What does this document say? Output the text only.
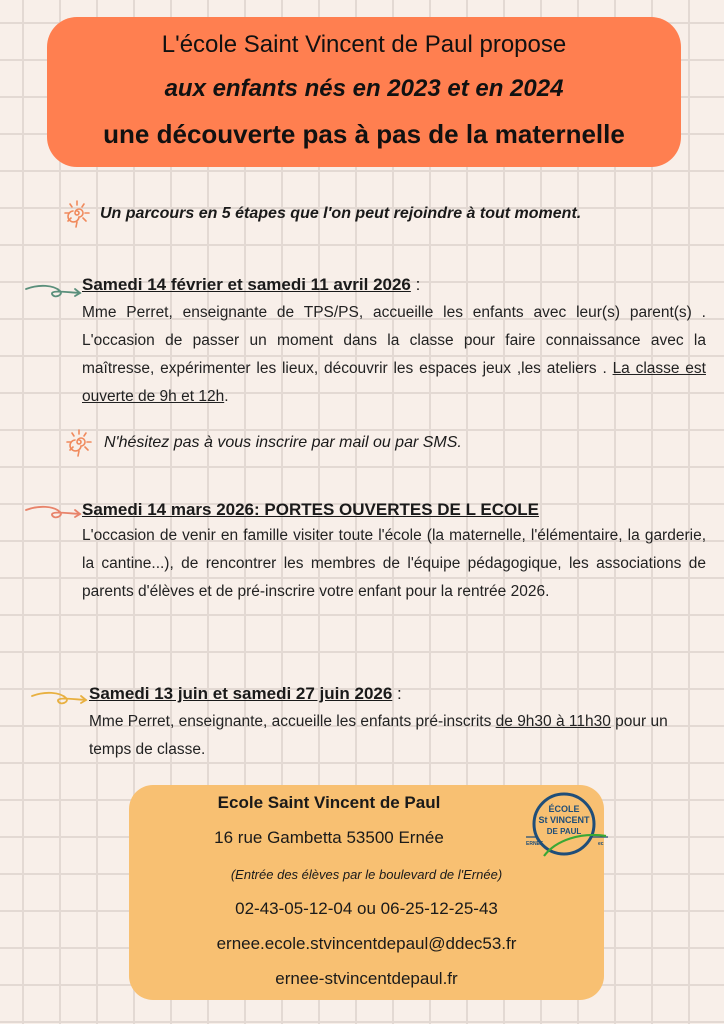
L'école Saint Vincent de Paul propose
aux enfants nés en 2023 et en 2024
une découverte pas à pas de la maternelle
Un parcours en 5 étapes que l'on peut rejoindre à tout moment.
Samedi 14 février et samedi 11 avril 2026 :
Mme Perret, enseignante de TPS/PS, accueille les enfants avec leur(s) parent(s) . L'occasion de passer un moment dans la classe pour faire connaissance avec la maîtresse, expérimenter les lieux, découvrir les espaces jeux ,les ateliers . La classe est ouverte de 9h et 12h.
N'hésitez pas à vous inscrire par mail ou par SMS.
Samedi 14 mars 2026: PORTES OUVERTES DE L ECOLE
L'occasion de venir en famille visiter toute l'école (la maternelle, l'élémentaire, la garderie, la cantine...), de rencontrer les membres de l'équipe pédagogique, les associations de parents d'élèves et de pré-inscrire votre enfant pour la rentrée 2026.
Samedi 13 juin et samedi 27 juin 2026 :
Mme Perret, enseignante, accueille les enfants pré-inscrits de 9h30 à 11h30 pour un temps de classe.
Ecole Saint Vincent de Paul
16 rue Gambetta 53500 Ernée
(Entrée des élèves par le boulevard de l'Ernée)
02-43-05-12-04 ou 06-25-12-25-43
ernee.ecole.stvincentdepaul@ddec53.fr
ernee-stvincentdepaul.fr
ÉCOLE
St VINCENT
DE PAUL
ERNÉE	ec
